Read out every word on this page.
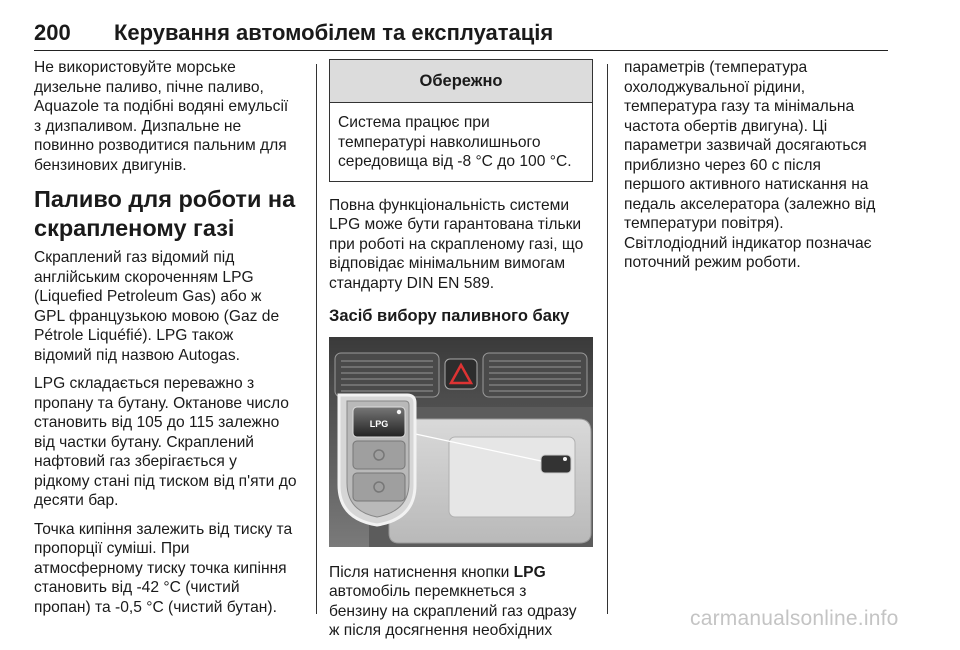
200 Керування автомобілем та експлуатація

Не використовуйте морське
дизельне паливо, пічне паливо,
Aquazole та подібні водяні емульсії
з дизпаливом. Дизпальне не
повинно розводитися пальним для
бензинових двигунів.

Паливо для роботи на
скрапленому газі

Скраплений газ відомий під
англійським скороченням LPG
(Liquefied Petroleum Gas) або ж
GPL французькою мовою (Gaz de
Pétrole Liquéfié). LPG також
відомий під назвою Autogas.

LPG складається переважно з
пропану та бутану. Октанове число
становить від 105 до 115 залежно
від частки бутану. Скраплений
нафтовий газ зберігається у
рідкому стані під тиском від п'яти до
десяти бар.

Точка кипіння залежить від тиску та
пропорції суміші. При
атмосферному тиску точка кипіння
становить від -42 °C (чистий
пропан) та -0,5 °C (чистий бутан).

Обережно
Система працює при
температурі навколишнього
середовища від -8 °C до 100 °C.

Повна функціональність системи
LPG може бути гарантована тільки
при роботі на скрапленому газі, що
відповідає мінімальним вимогам
стандарту DIN EN 589.

Засіб вибору паливного баку
LPG

Після натиснення кнопки LPG
автомобіль перемкнеться з
бензину на скраплений газ одразу
ж після досягнення необхідних

параметрів (температура
охолоджувальної рідини,
температура газу та мінімальна
частота обертів двигуна). Ці
параметри зазвичай досягаються
приблизно через 60 с після
першого активного натискання на
педаль акселератора (залежно від
температури повітря).
Світлодіодний індикатор позначає
поточний режим роботи.

carmanualsonline.info
